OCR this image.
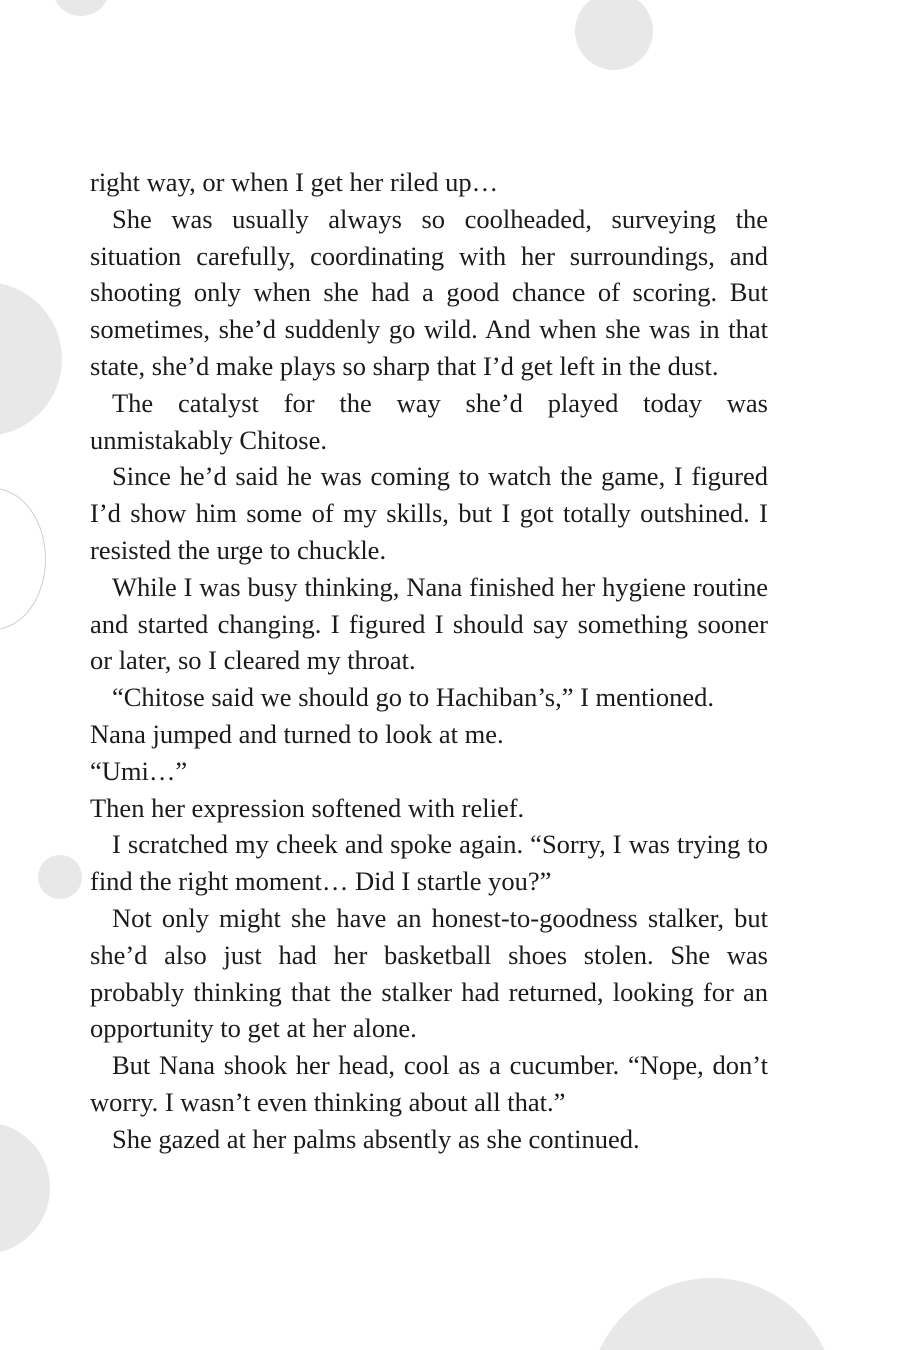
right way, or when I get her riled up…

She was usually always so coolheaded, surveying the situation carefully, coordinating with her surroundings, and shooting only when she had a good chance of scoring. But sometimes, she’d suddenly go wild. And when she was in that state, she’d make plays so sharp that I’d get left in the dust.

The catalyst for the way she’d played today was unmistakably Chitose.

Since he’d said he was coming to watch the game, I figured I’d show him some of my skills, but I got totally outshined. I resisted the urge to chuckle.

While I was busy thinking, Nana finished her hygiene routine and started changing. I figured I should say something sooner or later, so I cleared my throat.

“Chitose said we should go to Hachiban’s,” I mentioned.

Nana jumped and turned to look at me.

“Umi…”

Then her expression softened with relief.

I scratched my cheek and spoke again. “Sorry, I was trying to find the right moment… Did I startle you?”

Not only might she have an honest-to-goodness stalker, but she’d also just had her basketball shoes stolen. She was probably thinking that the stalker had returned, looking for an opportunity to get at her alone.

But Nana shook her head, cool as a cucumber. “Nope, don’t worry. I wasn’t even thinking about all that.”

She gazed at her palms absently as she continued.
